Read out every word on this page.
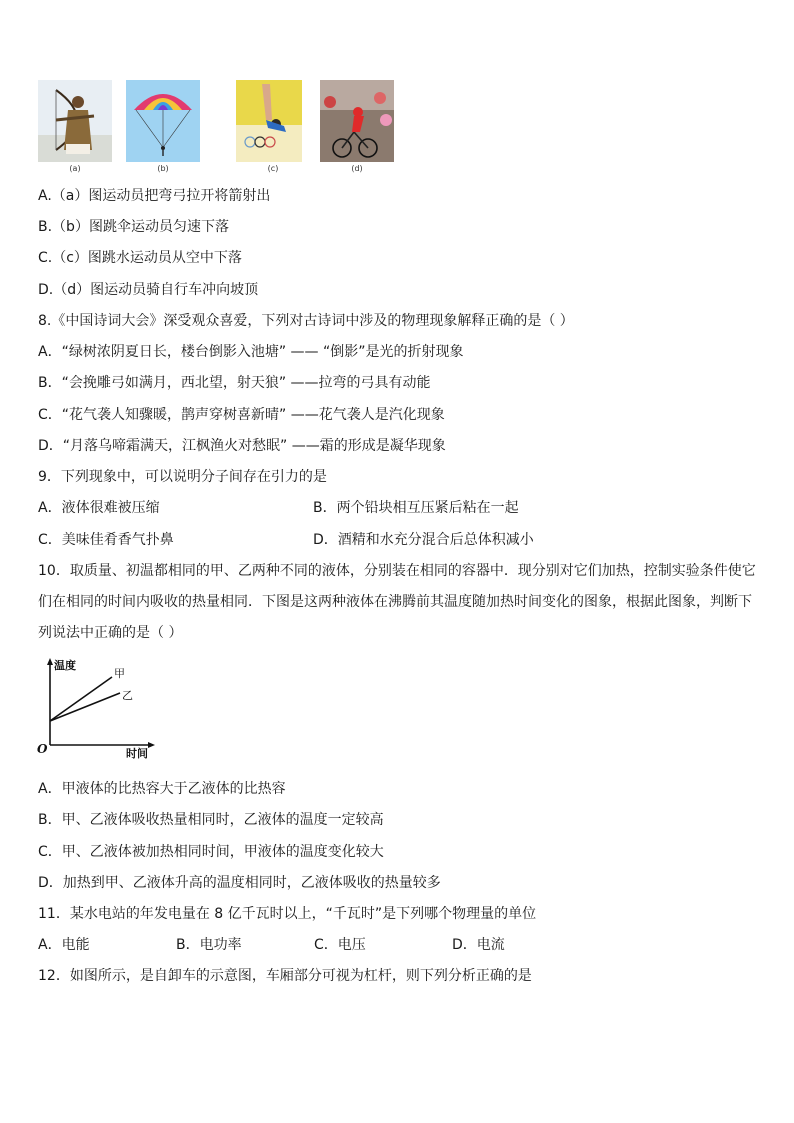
(a)	(b)	(c)	(d)
A.（a）图运动员把弯弓拉开将箭射出
B.（b）图跳伞运动员匀速下落
C.（c）图跳水运动员从空中下落
D.（d）图运动员骑自行车冲向坡顶
8.《中国诗词大会》深受观众喜爱，下列对古诗词中涉及的物理现象解释正确的是（ ）
A．“绿树浓阴夏日长，楼台倒影入池塘” —— “倒影”是光的折射现象
B．“会挽雕弓如满月，西北望，射天狼” ——拉弯的弓具有动能
C．“花气袭人知骤暖，鹊声穿树喜新晴” ——花气袭人是汽化现象
D．“月落乌啼霜满天，江枫渔火对愁眠” ——霜的形成是凝华现象
9．下列现象中，可以说明分子间存在引力的是
A．液体很难被压缩	B．两个铅块相互压紧后粘在一起
C．美味佳肴香气扑鼻	D．酒精和水充分混合后总体积减小
10．取质量、初温都相同的甲、乙两种不同的液体，分别装在相同的容器中．现分别对它们加热，控制实验条件使它们在相同的时间内吸收的热量相同．下图是这两种液体在沸腾前其温度随加热时间变化的图象，根据此图象，判断下列说法中正确的是（ ）
温度
甲
乙
O	时间
A．甲液体的比热容大于乙液体的比热容
B．甲、乙液体吸收热量相同时，乙液体的温度一定较高
C．甲、乙液体被加热相同时间，甲液体的温度变化较大
D．加热到甲、乙液体升高的温度相同时，乙液体吸收的热量较多
11．某水电站的年发电量在 8 亿千瓦时以上，“千瓦时”是下列哪个物理量的单位
A．电能	B．电功率	C．电压	D．电流
12．如图所示，是自卸车的示意图，车厢部分可视为杠杆，则下列分析正确的是
